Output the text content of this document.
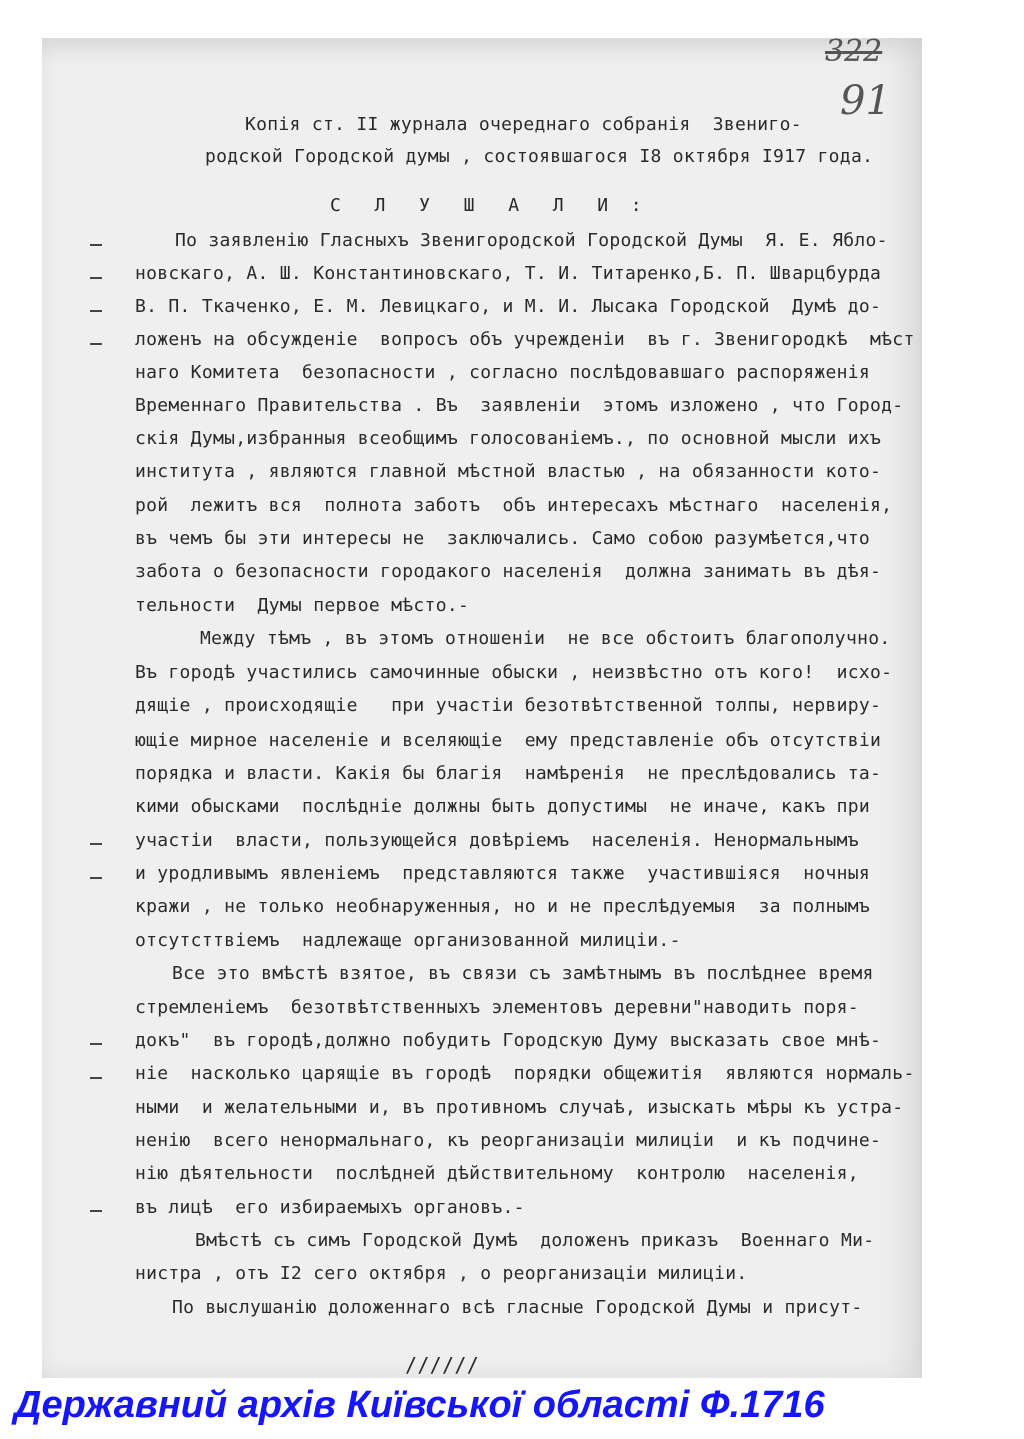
322
91
Копія ст. II журнала очереднаго собранія  Звениго-
родской Городской думы , состоявшагося I8 октября I917 года.
С   Л   У   Ш   А   Л   И  :
По заявленію Гласныхъ Звенигородской Городской Думы  Я. Е. Ябло-
новскаго, А. Ш. Константиновскаго, Т. И. Титаренко,Б. П. Шварцбурда
В. П. Ткаченко, Е. М. Левицкаго, и М. И. Лысака Городской  Думѣ до-
ложенъ на обсужденіе  вопросъ объ учрежденіи  въ г. Звенигородкѣ  мѣст
наго Комитета  безопасности , согласно послѣдовавшаго распоряженія
Временнаго Правительства . Въ  заявленіи  этомъ изложено , что Город-
скія Думы,избранныя всеобщимъ голосованіемъ., по основной мысли ихъ
института , являются главной мѣстной властью , на обязанности кото-
рой  лежитъ вся  полнота заботъ  объ интересахъ мѣстнаго  населенія,
въ чемъ бы эти интересы не  заключались. Само собою разумѣется,что
забота о безопасности городакого населенія  должна занимать въ дѣя-
тельности  Думы первое мѣсто.-
Между тѣмъ , въ этомъ отношеніи  не все обстоитъ благополучно.
Въ городѣ участились самочинные обыски , неизвѣстно отъ кого!  исхо-
дящіе , происходящіе   при участіи безотвѣтственной толпы, нервиру-
ющіе мирное населеніе и вселяющіе  ему представленіе объ отсутствіи
порядка и власти. Какія бы благія  намѣренія  не преслѣдовались та-
кими обысками  послѣдніе должны быть допустимы  не иначе, какъ при
участіи  власти, пользующейся довѣріемъ  населенія. Ненормальнымъ
и уродливымъ явленіемъ  представляются также  участившіяся  ночныя
кражи , не только необнаруженныя, но и не преслѣдуемыя  за полнымъ
отсутсттвіемъ  надлежаще организованной милиціи.-
Все это вмѣстѣ взятое, въ связи съ замѣтнымъ въ послѣднее время
стремленіемъ  безотвѣтственныхъ элементовъ деревни"наводить поря-
докъ"  въ городѣ,должно побудить Городскую Думу высказать свое мнѣ-
ніе  насколько царящіе въ городѣ  порядки общежитія  являются нормаль-
ными  и желательными и, въ противномъ случаѣ, изыскать мѣры къ устра-
ненію  всего ненормальнаго, къ реорганизаціи милиціи  и къ подчине-
нію дѣятельности  послѣдней дѣйствительному  контролю  населенія,
въ лицѣ  его избираемыхъ органовъ.-
Вмѣстѣ съ симъ Городской Думѣ  доложенъ приказъ  Военнаго Ми-
нистра , отъ I2 сего октября , о реорганизаціи милиціи.
По выслушанію доложеннаго всѣ гласные Городской Думы и присут-
//////
Державний архів Київської області Ф.1716
